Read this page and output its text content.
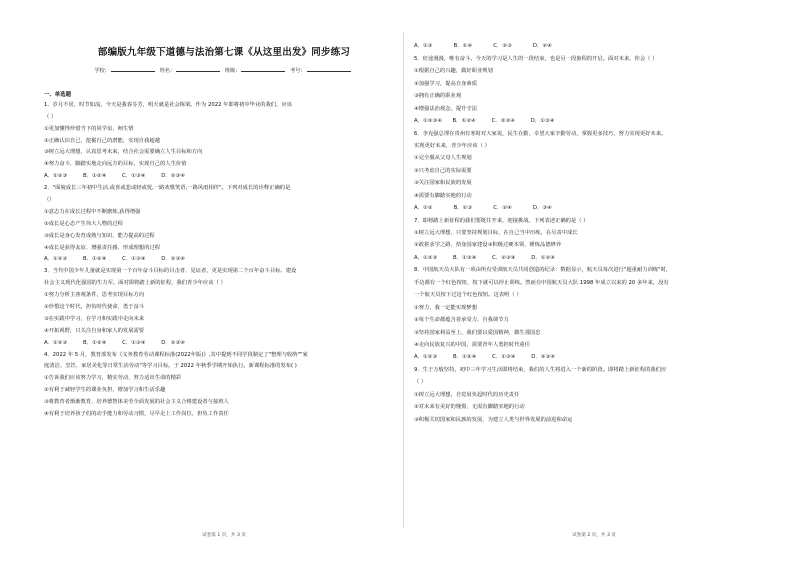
部编版九年级下道德与法治第七课《从这里出发》同步练习
学校：	姓名：	班级：	考号：
一、单选题
1．岁月不居，时节如流，今天是我春芬芳，明天就是社会栋梁。作为 2022 年即将初中毕业的我们，应该
（ ）
①更加懂得珍惜当下的同学谊、师生情
②正确认识自己，挖掘自己的潜能，实现自我超越
③树立远大理想，认真思考未来，结合社会需要确立人生目标和方向
④努力奋斗，脚踏实地走向远方的目标，实现自己的人生价值
A．①②③　　　B．①②④　　　C．①③④　　　D．②③④
2．"面貌成长三年初中生活,或喜或悲或轻或忧,一路欢歌笑语,一路风雨相伴"。下列对成长的诠释正确的是
（）
①意志力在成长过程中不断磨炼,获得增强
②成长是心态产生伟大人物的过程
③成长是身心发育成熟与知识、能力提高的过程
④成长是获得友谊、增强责任感、形成理想的过程
A．①②③　　　B．①②④　　　C．①③④　　　D．②③④
3．当代中国少年儿童就是实现第一个百年奋斗目标的目击者、见证者，更是实现第二个百年奋斗目标、建设
社会主义现代化强国的生力军。面对即将踏上新的征程，我们青少年应该（ ）
①努力分析主客观条件，思考实现目标方向
②珍惜这个时代，担负时代使命，勇于奋斗
③在实践中学习，在学习和实践中走向未来
④开拓视野，只关注自身和家人的发展需要
A．①②③　　　B．①②④　　　C．①③④　　　D．②③④
4．2022 年 5 月，教育部发布《义务教育劳动课程标准(2022年版)》,其中提到不同学段制定了"整理与收纳""家
庭清洁、烹饪、家居美化等日常生活劳动"等学习目标。于 2022 年秋季学期开始执行。新课程标准的发布( )
①告诉我们应该努力学习，精实劳动，努力适出生命的精彩
②有利于减轻学生的课业负担，增加学习和生活乐趣
③将教育者渐渐教育，培养德智体美劳全面发展的社会主义合格建设者与接班人
④有利于培养孩子们的动手能力和劳动习惯，尽早走上工作岗位，担负工作责任
A．①③　　　　B．①④　　　　C．②③　　　　D．②④
5．征途漫漫，唯有奋斗。今天的学习是人生的一段结束，也是另一段旅程的开启。面对未来，你会（ ）
①根据自己的兴趣，做好职业规划
②加强学习，提高自身素质
③拥有正确的职业观
④增强法治观念，提升守法
A．①②③④　　B．①②④　　　C．②③④　　　D．①③④
6．李克强总理在贵州有寒时对大家说，民生在勤，幸望大家辛勤劳动，掌握更多技巧，努力实现更好未来。
实现更好未来，青少年应该（ ）
①完全服从父母人生规划
②只考虑自己的实际需要
③关注国家和民族的发展
④需要有脚踏实地的行动
A．①②　　　　B．①③　　　　C．②④　　　　D．③④
7．即将踏上新征程的我们要既往开来，迎接挑战，下列表述正确的是（ ）
①树立远大理想，只要坚持规划目标，在自己当中历练，在尽责中成长
②敢拼求学之路，拾身国家建设③积极过硬本领，锤炼品德修养
A．①②③　　　B．①③④　　　C．②③④　　　D．①②④
8．中国航天员大队有一项由所有受训航天员共同创造的纪录：数据显示，航天员每次进行"超重耐力训练"时，
手边都有一个红色按钮，按下就可以停止训练。然而自中国航天员大队 1998 年成立以来的 20 多年来，没有
一个航天员按下过这个红色按钮。这表明（ ）
①努力，我一定能实现梦想
②每个生命都蕴含着承受力、自我调节力
③坚持国家利益至上，我们要以爱国精神，做生那国忠
④走向民族复兴的中国，需要青年人勇担时代重任
A．①②③　　　B．①②④　　　C．①③④　　　D．②③④
9．生于万般坚持，初中三年学习生活即将结束，我们的人生将进入一个新的阶段。即将踏上新征程的我们应
（ ）
①树立远大理想，自觉肩负起时代的历史责任
②对未来有美好的憧憬，无需有脚踏实地的行动
③积极关切国家和民族的发展，为建立人类与世界发展的前进和命运
试卷第 1 页，共 3 页	试卷第 2 页，共 3 页
